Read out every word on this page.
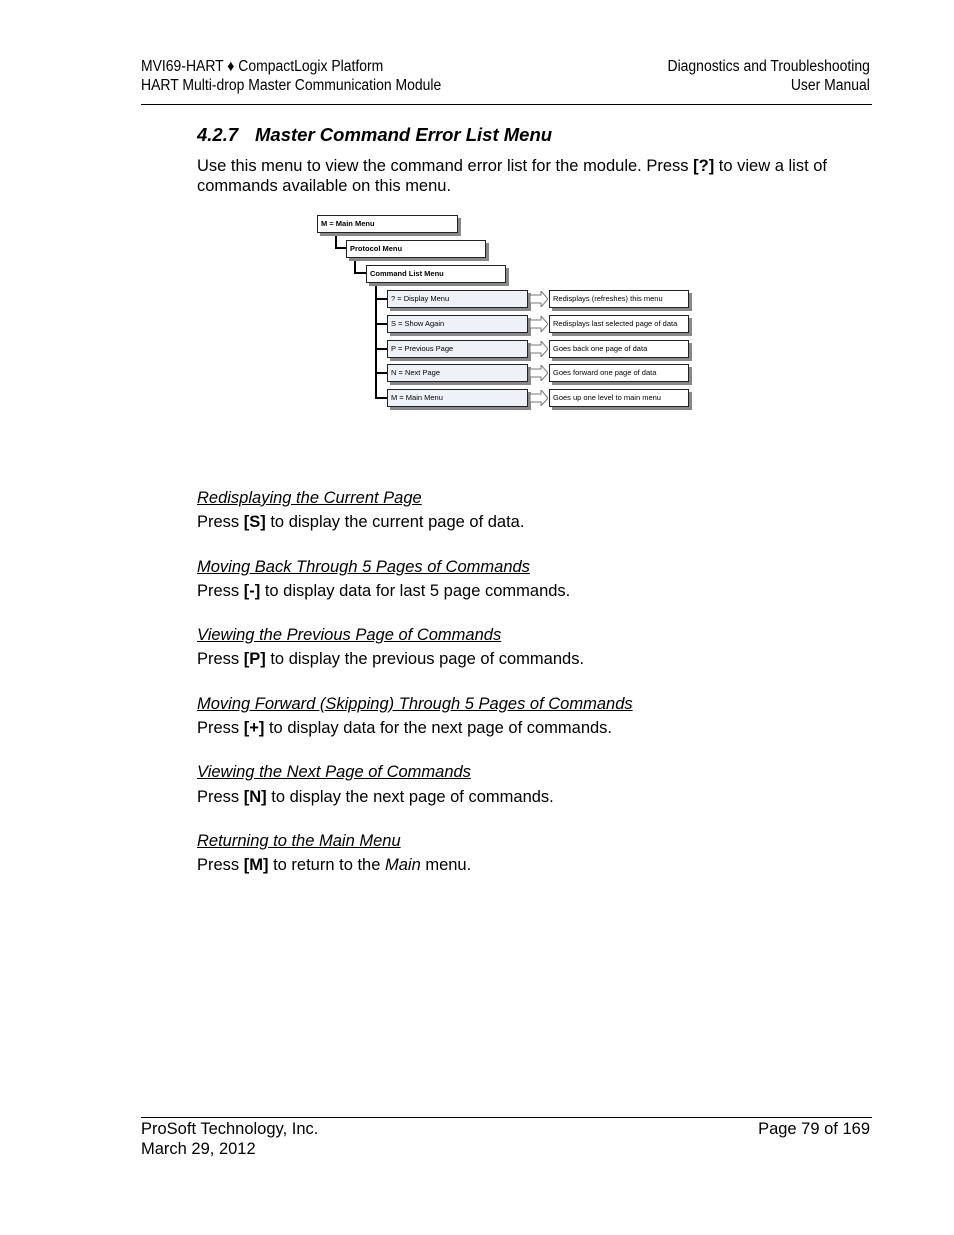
MVI69-HART ♦ CompactLogix Platform
HART Multi-drop Master Communication Module
Diagnostics and Troubleshooting
User Manual
4.2.7 Master Command Error List Menu

Use this menu to view the command error list for the module. Press [?] to view a list of commands available on this menu.

M = Main Menu
Protocol Menu
Command List Menu
? = Display Menu	Redisplays (refreshes) this menu
S = Show Again	Redisplays last selected page of data
P = Previous Page	Goes back one page of data
N = Next Page	Goes forward one page of data
M = Main Menu	Goes up one level to main menu

Redisplaying the Current Page

Press [S] to display the current page of data.

Moving Back Through 5 Pages of Commands

Press [-] to display data for last 5 page commands.

Viewing the Previous Page of Commands

Press [P] to display the previous page of commands.

Moving Forward (Skipping) Through 5 Pages of Commands

Press [+] to display data for the next page of commands.

Viewing the Next Page of Commands

Press [N] to display the next page of commands.

Returning to the Main Menu

Press [M] to return to the Main menu.

ProSoft Technology, Inc.
March 29, 2012
Page 79 of 169
